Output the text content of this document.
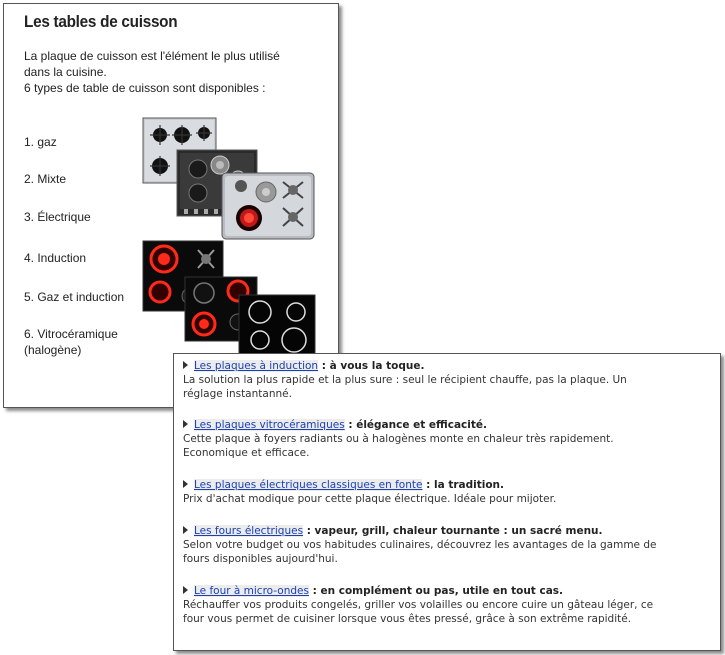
Les tables de cuisson
La plaque de cuisson est l'élément le plus utilisé
dans la cuisine.
6 types de table de cuisson sont disponibles :
1. gaz
2. Mixte
3. Électrique
4. Induction
5. Gaz et induction
6. Vitrocéramique
(halogène)
Les plaques à induction : à vous la toque.
La solution la plus rapide et la plus sure : seul le récipient chauffe, pas la plaque. Un
réglage instantanné.
Les plaques vitrocéramiques : élégance et efficacité.
Cette plaque à foyers radiants ou à halogènes monte en chaleur très rapidement.
Economique et efficace.
Les plaques électriques classiques en fonte : la tradition.
Prix d'achat modique pour cette plaque électrique. Idéale pour mijoter.
Les fours électriques : vapeur, grill, chaleur tournante : un sacré menu.
Selon votre budget ou vos habitudes culinaires, découvrez les avantages de la gamme de
fours disponibles aujourd'hui.
Le four à micro-ondes : en complément ou pas, utile en tout cas.
Réchauffer vos produits congelés, griller vos volailles ou encore cuire un gâteau léger, ce
four vous permet de cuisiner lorsque vous êtes pressé, grâce à son extrême rapidité.
